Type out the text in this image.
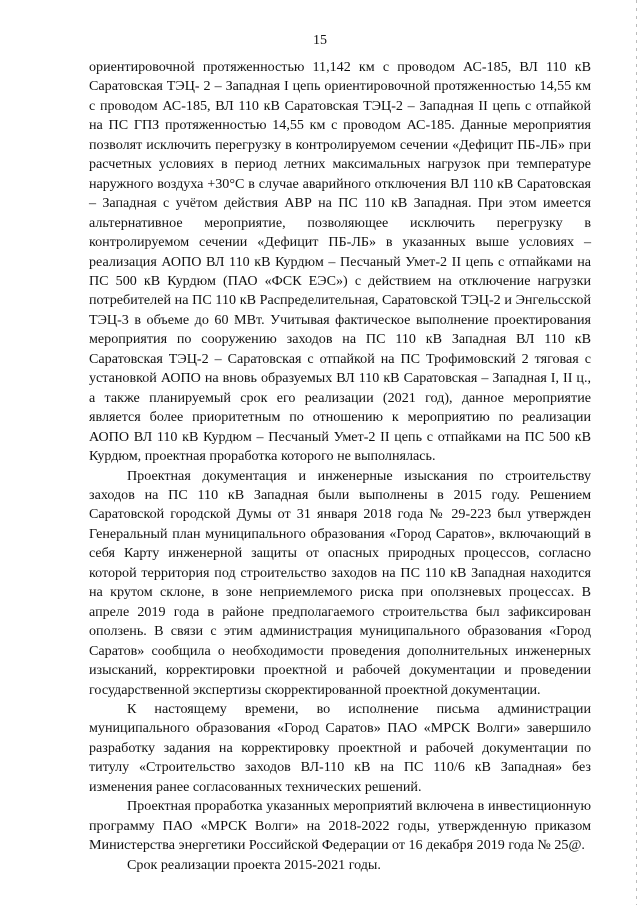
15

ориентировочной протяженностью 11,142 км с проводом АС-185, ВЛ 110 кВ Саратовская ТЭЦ- 2 – Западная I цепь ориентировочной протяженностью 14,55 км с проводом АС-185, ВЛ 110 кВ Саратовская ТЭЦ-2 – Западная II цепь с отпайкой на ПС ГПЗ протяженностью 14,55 км с проводом АС-185. Данные мероприятия позволят исключить перегрузку в контролируемом сечении «Дефицит ПБ-ЛБ» при расчетных условиях в период летних максимальных нагрузок при температуре наружного воздуха +30°С в случае аварийного отключения ВЛ 110 кВ Саратовская – Западная с учётом действия АВР на ПС 110 кВ Западная. При этом имеется альтернативное мероприятие, позволяющее исключить перегрузку в контролируемом сечении «Дефицит ПБ-ЛБ» в указанных выше условиях – реализация АОПО ВЛ 110 кВ Курдюм – Песчаный Умет-2 II цепь с отпайками на ПС 500 кВ Курдюм (ПАО «ФСК ЕЭС») с действием на отключение нагрузки потребителей на ПС 110 кВ Распределительная, Саратовской ТЭЦ-2 и Энгельсской ТЭЦ-3 в объеме до 60 МВт. Учитывая фактическое выполнение проектирования мероприятия по сооружению заходов на ПС 110 кВ Западная ВЛ 110 кВ Саратовская ТЭЦ-2 – Саратовская с отпайкой на ПС Трофимовский 2 тяговая с установкой АОПО на вновь образуемых ВЛ 110 кВ Саратовская – Западная I, II ц., а также планируемый срок его реализации (2021 год), данное мероприятие является более приоритетным по отношению к мероприятию по реализации АОПО ВЛ 110 кВ Курдюм – Песчаный Умет-2 II цепь с отпайками на ПС 500 кВ Курдюм, проектная проработка которого не выполнялась.

Проектная документация и инженерные изыскания по строительству заходов на ПС 110 кВ Западная были выполнены в 2015 году. Решением Саратовской городской Думы от 31 января 2018 года № 29-223 был утвержден Генеральный план муниципального образования «Город Саратов», включающий в себя Карту инженерной защиты от опасных природных процессов, согласно которой территория под строительство заходов на ПС 110 кВ Западная находится на крутом склоне, в зоне неприемлемого риска при оползневых процессах. В апреле 2019 года в районе предполагаемого строительства был зафиксирован оползень. В связи с этим администрация муниципального образования «Город Саратов» сообщила о необходимости проведения дополнительных инженерных изысканий, корректировки проектной и рабочей документации и проведении государственной экспертизы скорректированной проектной документации.

К настоящему времени, во исполнение письма администрации муниципального образования «Город Саратов» ПАО «МРСК Волги» завершило разработку задания на корректировку проектной и рабочей документации по титулу «Строительство заходов ВЛ-110 кВ на ПС 110/6 кВ Западная» без изменения ранее согласованных технических решений.

Проектная проработка указанных мероприятий включена в инвестиционную программу ПАО «МРСК Волги» на 2018-2022 годы, утвержденную приказом Министерства энергетики Российской Федерации от 16 декабря 2019 года № 25@.

Срок реализации проекта 2015-2021 годы.
